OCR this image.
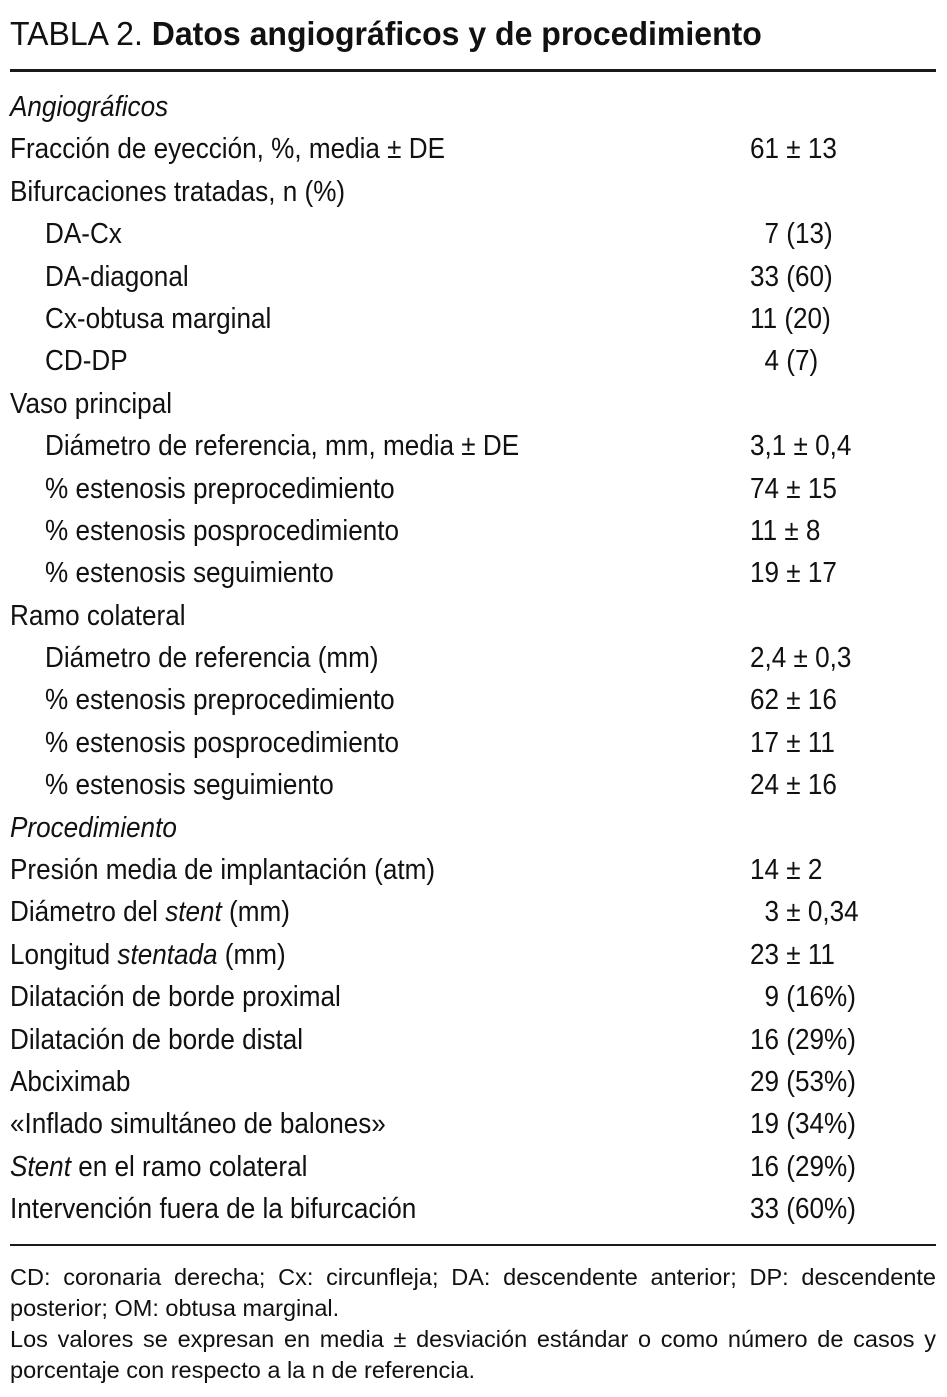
TABLA 2. Datos angiográficos y de procedimiento
Angiográficos
Fracción de eyección, %, media ± DE	61 ± 13
Bifurcaciones tratadas, n (%)
DA-Cx	7 (13)
DA-diagonal	33 (60)
Cx-obtusa marginal	11 (20)
CD-DP	4 (7)
Vaso principal
Diámetro de referencia, mm, media ± DE	3,1 ± 0,4
% estenosis preprocedimiento	74 ± 15
% estenosis posprocedimiento	11 ± 8
% estenosis seguimiento	19 ± 17
Ramo colateral
Diámetro de referencia (mm)	2,4 ± 0,3
% estenosis preprocedimiento	62 ± 16
% estenosis posprocedimiento	17 ± 11
% estenosis seguimiento	24 ± 16
Procedimiento
Presión media de implantación (atm)	14 ± 2
Diámetro del stent (mm)	3 ± 0,34
Longitud stentada (mm)	23 ± 11
Dilatación de borde proximal	9 (16%)
Dilatación de borde distal	16 (29%)
Abciximab	29 (53%)
«Inflado simultáneo de balones»	19 (34%)
Stent en el ramo colateral	16 (29%)
Intervención fuera de la bifurcación	33 (60%)

CD: coronaria derecha; Cx: circunfleja; DA: descendente anterior; DP: descendente posterior; OM: obtusa marginal.

Los valores se expresan en media ± desviación estándar o como número de casos y porcentaje con respecto a la n de referencia.
